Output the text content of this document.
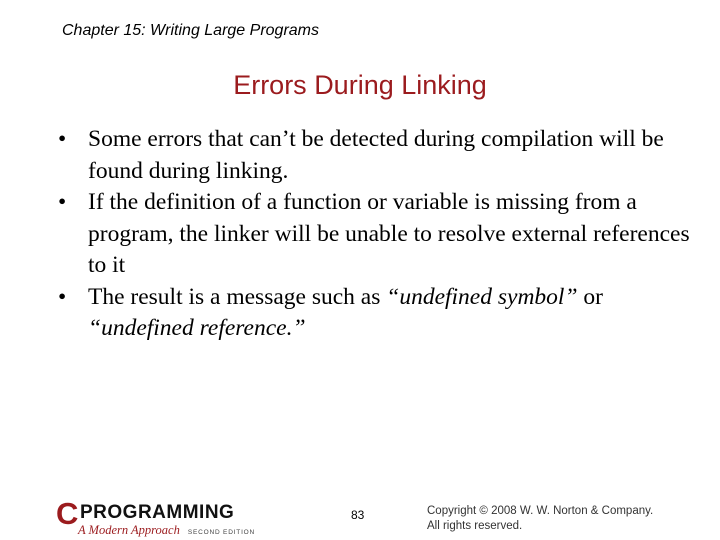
Chapter 15: Writing Large Programs
Errors During Linking
• Some errors that can’t be detected during compilation will be found during linking.
• If the definition of a function or variable is missing from a program, the linker will be unable to resolve external references to it
• The result is a message such as “undefined symbol” or “undefined reference.”
C PROGRAMMING
A Modern Approach SECOND EDITION
83	Copyright © 2008 W. W. Norton & Company.
All rights reserved.
